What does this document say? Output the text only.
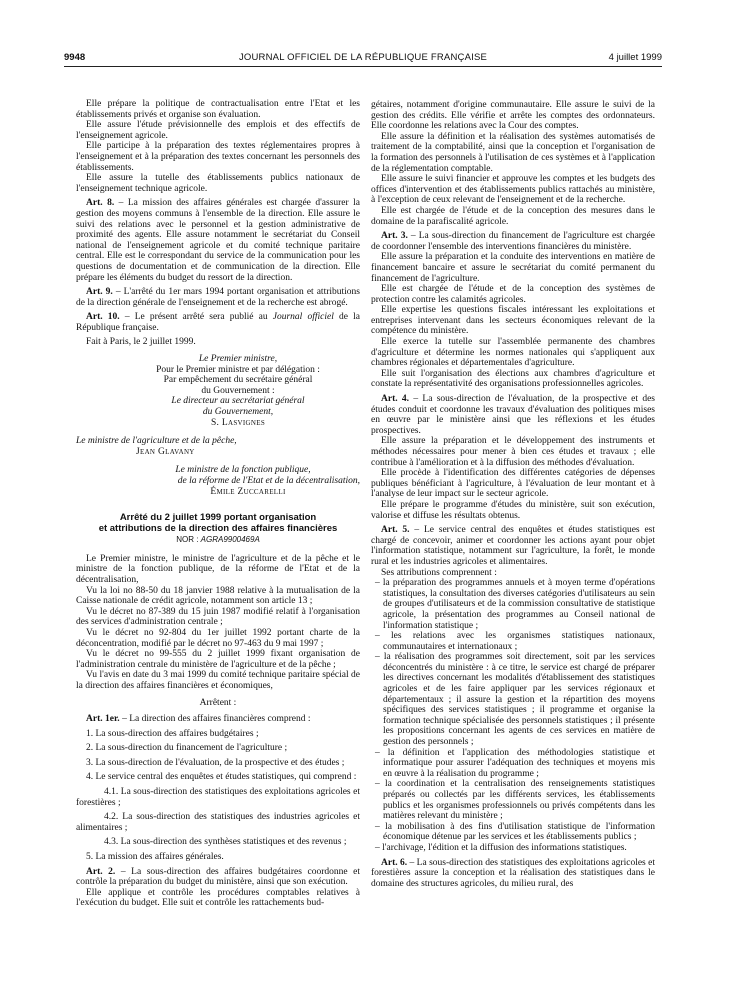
9948	JOURNAL OFFICIEL DE LA RÉPUBLIQUE FRANÇAISE	4 juillet 1999

Elle prépare la politique de contractualisation entre l'Etat et les établissements privés et organise son évaluation.

Elle assure l'étude prévisionnelle des emplois et des effectifs de l'enseignement agricole.

Elle participe à la préparation des textes réglementaires propres à l'enseignement et à la préparation des textes concernant les personnels des établissements.

Elle assure la tutelle des établissements publics nationaux de l'enseignement technique agricole.

Art. 8. – La mission des affaires générales est chargée d'assurer la gestion des moyens communs à l'ensemble de la direction. Elle assure le suivi des relations avec le personnel et la gestion administrative de proximité des agents. Elle assure notamment le secrétariat du Conseil national de l'enseignement agricole et du comité technique paritaire central. Elle est le correspondant du service de la communication pour les questions de documentation et de communication de la direction. Elle prépare les éléments du budget du ressort de la direction.

Art. 9. – L'arrêté du 1er mars 1994 portant organisation et attributions de la direction générale de l'enseignement et de la recherche est abrogé.

Art. 10. – Le présent arrêté sera publié au Journal officiel de la République française.

Fait à Paris, le 2 juillet 1999.

Le Premier ministre,

Pour le Premier ministre et par délégation :

Par empêchement du secrétaire général

du Gouvernement :

Le directeur au secrétariat général

du Gouvernement,

S. Lasvignes

Le ministre de l'agriculture et de la pêche,

Jean Glavany

Le ministre de la fonction publique,

de la réforme de l'Etat et de la décentralisation,

Émile Zuccarelli

Arrêté du 2 juillet 1999 portant organisation

et attributions de la direction des affaires financières

NOR : AGRA9900469A

Le Premier ministre, le ministre de l'agriculture et de la pêche et le ministre de la fonction publique, de la réforme de l'Etat et de la décentralisation,

Vu la loi no 88-50 du 18 janvier 1988 relative à la mutualisation de la Caisse nationale de crédit agricole, notamment son article 13 ;

Vu le décret no 87-389 du 15 juin 1987 modifié relatif à l'organisation des services d'administration centrale ;

Vu le décret no 92-804 du 1er juillet 1992 portant charte de la déconcentration, modifié par le décret no 97-463 du 9 mai 1997 ;

Vu le décret no 99-555 du 2 juillet 1999 fixant organisation de l'administration centrale du ministère de l'agriculture et de la pêche ;

Vu l'avis en date du 3 mai 1999 du comité technique paritaire spécial de la direction des affaires financières et économiques,

Arrêtent :

Art. 1er. – La direction des affaires financières comprend :

1. La sous-direction des affaires budgétaires ;

2. La sous-direction du financement de l'agriculture ;

3. La sous-direction de l'évaluation, de la prospective et des études ;

4. Le service central des enquêtes et études statistiques, qui comprend :

4.1. La sous-direction des statistiques des exploitations agricoles et forestières ;

4.2. La sous-direction des statistiques des industries agricoles et alimentaires ;

4.3. La sous-direction des synthèses statistiques et des revenus ;

5. La mission des affaires générales.

Art. 2. – La sous-direction des affaires budgétaires coordonne et contrôle la préparation du budget du ministère, ainsi que son exécution.

Elle applique et contrôle les procédures comptables relatives à l'exécution du budget. Elle suit et contrôle les rattachements bud-

gétaires, notamment d'origine communautaire. Elle assure le suivi de la gestion des crédits. Elle vérifie et arrête les comptes des ordonnateurs. Elle coordonne les relations avec la Cour des comptes.

Elle assure la définition et la réalisation des systèmes automatisés de traitement de la comptabilité, ainsi que la conception et l'organisation de la formation des personnels à l'utilisation de ces systèmes et à l'application de la réglementation comptable.

Elle assure le suivi financier et approuve les comptes et les budgets des offices d'intervention et des établissements publics rattachés au ministère, à l'exception de ceux relevant de l'enseignement et de la recherche.

Elle est chargée de l'étude et de la conception des mesures dans le domaine de la parafiscalité agricole.

Art. 3. – La sous-direction du financement de l'agriculture est chargée de coordonner l'ensemble des interventions financières du ministère.

Elle assure la préparation et la conduite des interventions en matière de financement bancaire et assure le secrétariat du comité permanent du financement de l'agriculture.

Elle est chargée de l'étude et de la conception des systèmes de protection contre les calamités agricoles.

Elle expertise les questions fiscales intéressant les exploitations et entreprises intervenant dans les secteurs économiques relevant de la compétence du ministère.

Elle exerce la tutelle sur l'assemblée permanente des chambres d'agriculture et détermine les normes nationales qui s'appliquent aux chambres régionales et départementales d'agriculture.

Elle suit l'organisation des élections aux chambres d'agriculture et constate la représentativité des organisations professionnelles agricoles.

Art. 4. – La sous-direction de l'évaluation, de la prospective et des études conduit et coordonne les travaux d'évaluation des politiques mises en œuvre par le ministère ainsi que les réflexions et les études prospectives.

Elle assure la préparation et le développement des instruments et méthodes nécessaires pour mener à bien ces études et travaux ; elle contribue à l'amélioration et à la diffusion des méthodes d'évaluation.

Elle procède à l'identification des différentes catégories de dépenses publiques bénéficiant à l'agriculture, à l'évaluation de leur montant et à l'analyse de leur impact sur le secteur agricole.

Elle prépare le programme d'études du ministère, suit son exécution, valorise et diffuse les résultats obtenus.

Art. 5. – Le service central des enquêtes et études statistiques est chargé de concevoir, animer et coordonner les actions ayant pour objet l'information statistique, notamment sur l'agriculture, la forêt, le monde rural et les industries agricoles et alimentaires.

Ses attributions comprennent :

– la préparation des programmes annuels et à moyen terme d'opérations statistiques, la consultation des diverses catégories d'utilisateurs au sein de groupes d'utilisateurs et de la commission consultative de statistique agricole, la présentation des programmes au Conseil national de l'information statistique ;

– les relations avec les organismes statistiques nationaux, communautaires et internationaux ;

– la réalisation des programmes soit directement, soit par les services déconcentrés du ministère : à ce titre, le service est chargé de préparer les directives concernant les modalités d'établissement des statistiques agricoles et de les faire appliquer par les services régionaux et départementaux ; il assure la gestion et la répartition des moyens spécifiques des services statistiques ; il programme et organise la formation technique spécialisée des personnels statistiques ; il présente les propositions concernant les agents de ces services en matière de gestion des personnels ;

– la définition et l'application des méthodologies statistique et informatique pour assurer l'adéquation des techniques et moyens mis en œuvre à la réalisation du programme ;

– la coordination et la centralisation des renseignements statistiques préparés ou collectés par les différents services, les établissements publics et les organismes professionnels ou privés compétents dans les matières relevant du ministère ;

– la mobilisation à des fins d'utilisation statistique de l'information économique détenue par les services et les établissements publics ;

– l'archivage, l'édition et la diffusion des informations statistiques.

Art. 6. – La sous-direction des statistiques des exploitations agricoles et forestières assure la conception et la réalisation des statistiques dans le domaine des structures agricoles, du milieu rural, des
